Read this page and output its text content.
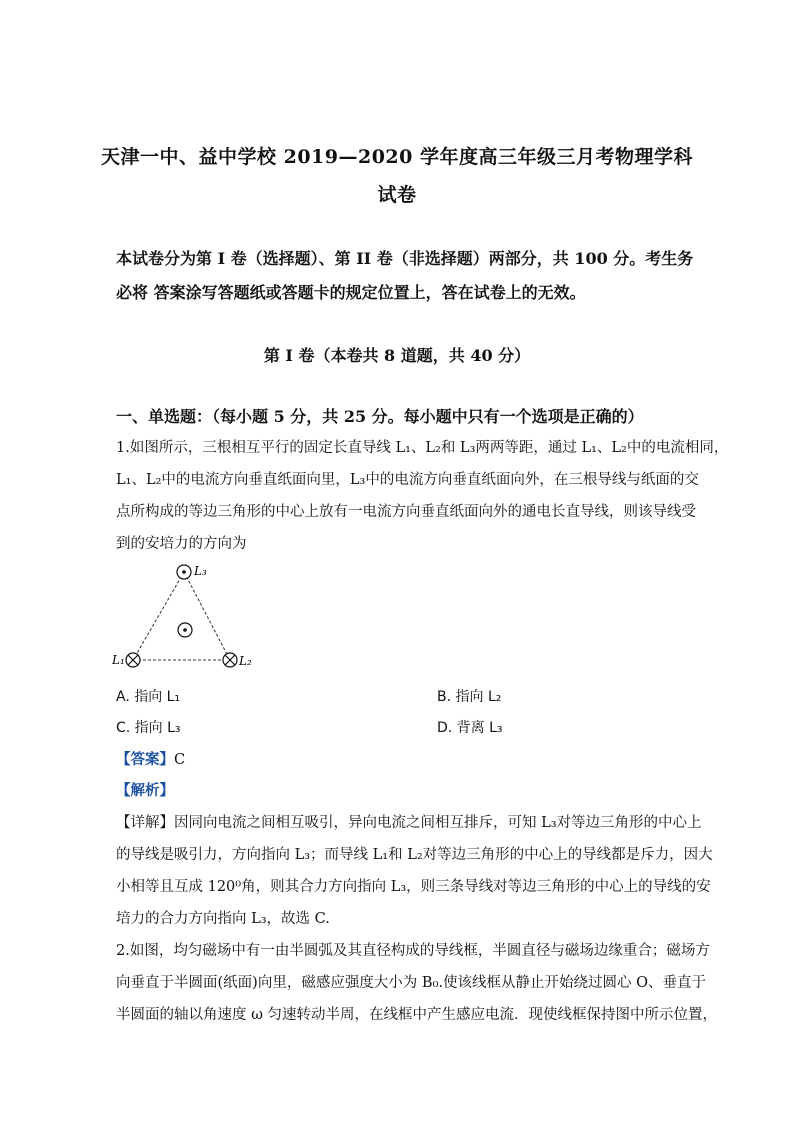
天津一中、益中学校 2019—2020 学年度高三年级三月考物理学科
试卷
本试卷分为第 I 卷（选择题）、第 II 卷（非选择题）两部分，共 100 分。考生务
必将 答案涂写答题纸或答题卡的规定位置上，答在试卷上的无效。
第 I 卷（本卷共 8 道题，共 40 分）
一、单选题：（每小题 5 分，共 25 分。每小题中只有一个选项是正确的）
1.如图所示，三根相互平行的固定长直导线 L₁、L₂和 L₃两两等距，通过 L₁、L₂中的电流相同，
L₁、L₂中的电流方向垂直纸面向里，L₃中的电流方向垂直纸面向外，在三根导线与纸面的交
点所构成的等边三角形的中心上放有一电流方向垂直纸面向外的通电长直导线，则该导线受
到的安培力的方向为
L₃
L₁	L₂
A. 指向 L₁	B. 指向 L₂
C. 指向 L₃	D. 背离 L₃
【答案】C
【解析】
【详解】因同向电流之间相互吸引，异向电流之间相互排斥，可知 L₃对等边三角形的中心上
的导线是吸引力，方向指向 L₃；而导线 L₁和 L₂对等边三角形的中心上的导线都是斥力，因大
小相等且互成 120⁰角，则其合力方向指向 L₃，则三条导线对等边三角形的中心上的导线的安
培力的合力方向指向 L₃，故选 C.
2.如图，均匀磁场中有一由半圆弧及其直径构成的导线框，半圆直径与磁场边缘重合；磁场方
向垂直于半圆面(纸面)向里，磁感应强度大小为 B₀.使该线框从静止开始绕过圆心 O、垂直于
半圆面的轴以角速度 ω 匀速转动半周，在线框中产生感应电流．现使线框保持图中所示位置，
